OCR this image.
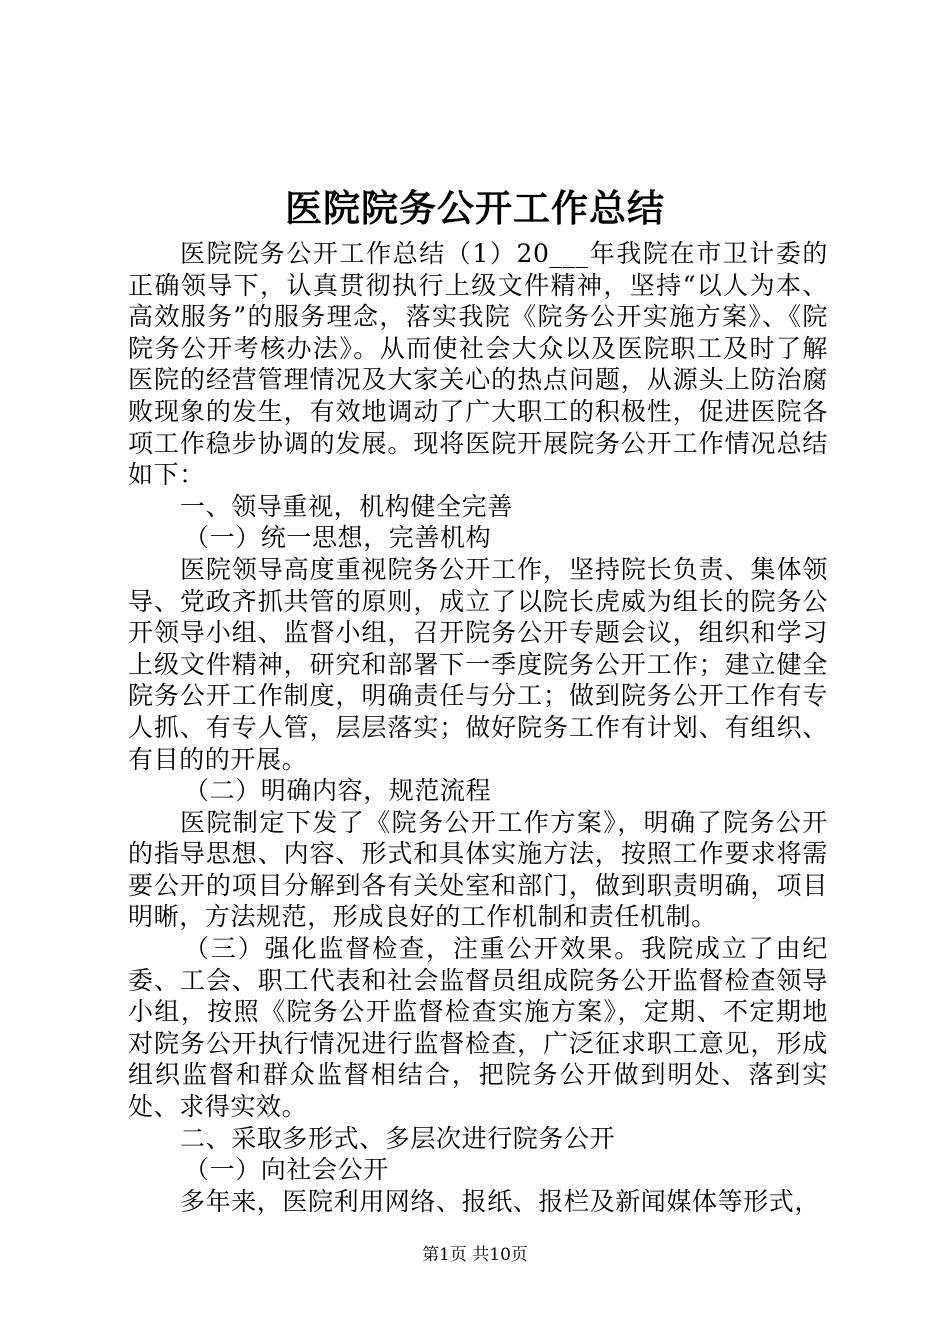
医院院务公开工作总结

医院院务公开工作总结（1）20___年我院在市卫计委的正确领导下，认真贯彻执行上级文件精神，坚持“以人为本、高效服务”的服务理念，落实我院《院务公开实施方案》、《院院务公开考核办法》。从而使社会大众以及医院职工及时了解医院的经营管理情况及大家关心的热点问题，从源头上防治腐败现象的发生，有效地调动了广大职工的积极性，促进医院各项工作稳步协调的发展。现将医院开展院务公开工作情况总结如下：

一、领导重视，机构健全完善

（一）统一思想，完善机构

医院领导高度重视院务公开工作，坚持院长负责、集体领导、党政齐抓共管的原则，成立了以院长虎威为组长的院务公开领导小组、监督小组，召开院务公开专题会议，组织和学习上级文件精神，研究和部署下一季度院务公开工作；建立健全院务公开工作制度，明确责任与分工；做到院务公开工作有专人抓、有专人管，层层落实；做好院务工作有计划、有组织、有目的的开展。

（二）明确内容，规范流程

医院制定下发了《院务公开工作方案》，明确了院务公开的指导思想、内容、形式和具体实施方法，按照工作要求将需要公开的项目分解到各有关处室和部门，做到职责明确，项目明晰，方法规范，形成良好的工作机制和责任机制。

（三）强化监督检查，注重公开效果。我院成立了由纪委、工会、职工代表和社会监督员组成院务公开监督检查领导小组，按照《院务公开监督检查实施方案》，定期、不定期地对院务公开执行情况进行监督检查，广泛征求职工意见，形成组织监督和群众监督相结合，把院务公开做到明处、落到实处、求得实效。

二、采取多形式、多层次进行院务公开

（一）向社会公开

多年来，医院利用网络、报纸、报栏及新闻媒体等形式，

第1页 共10页
